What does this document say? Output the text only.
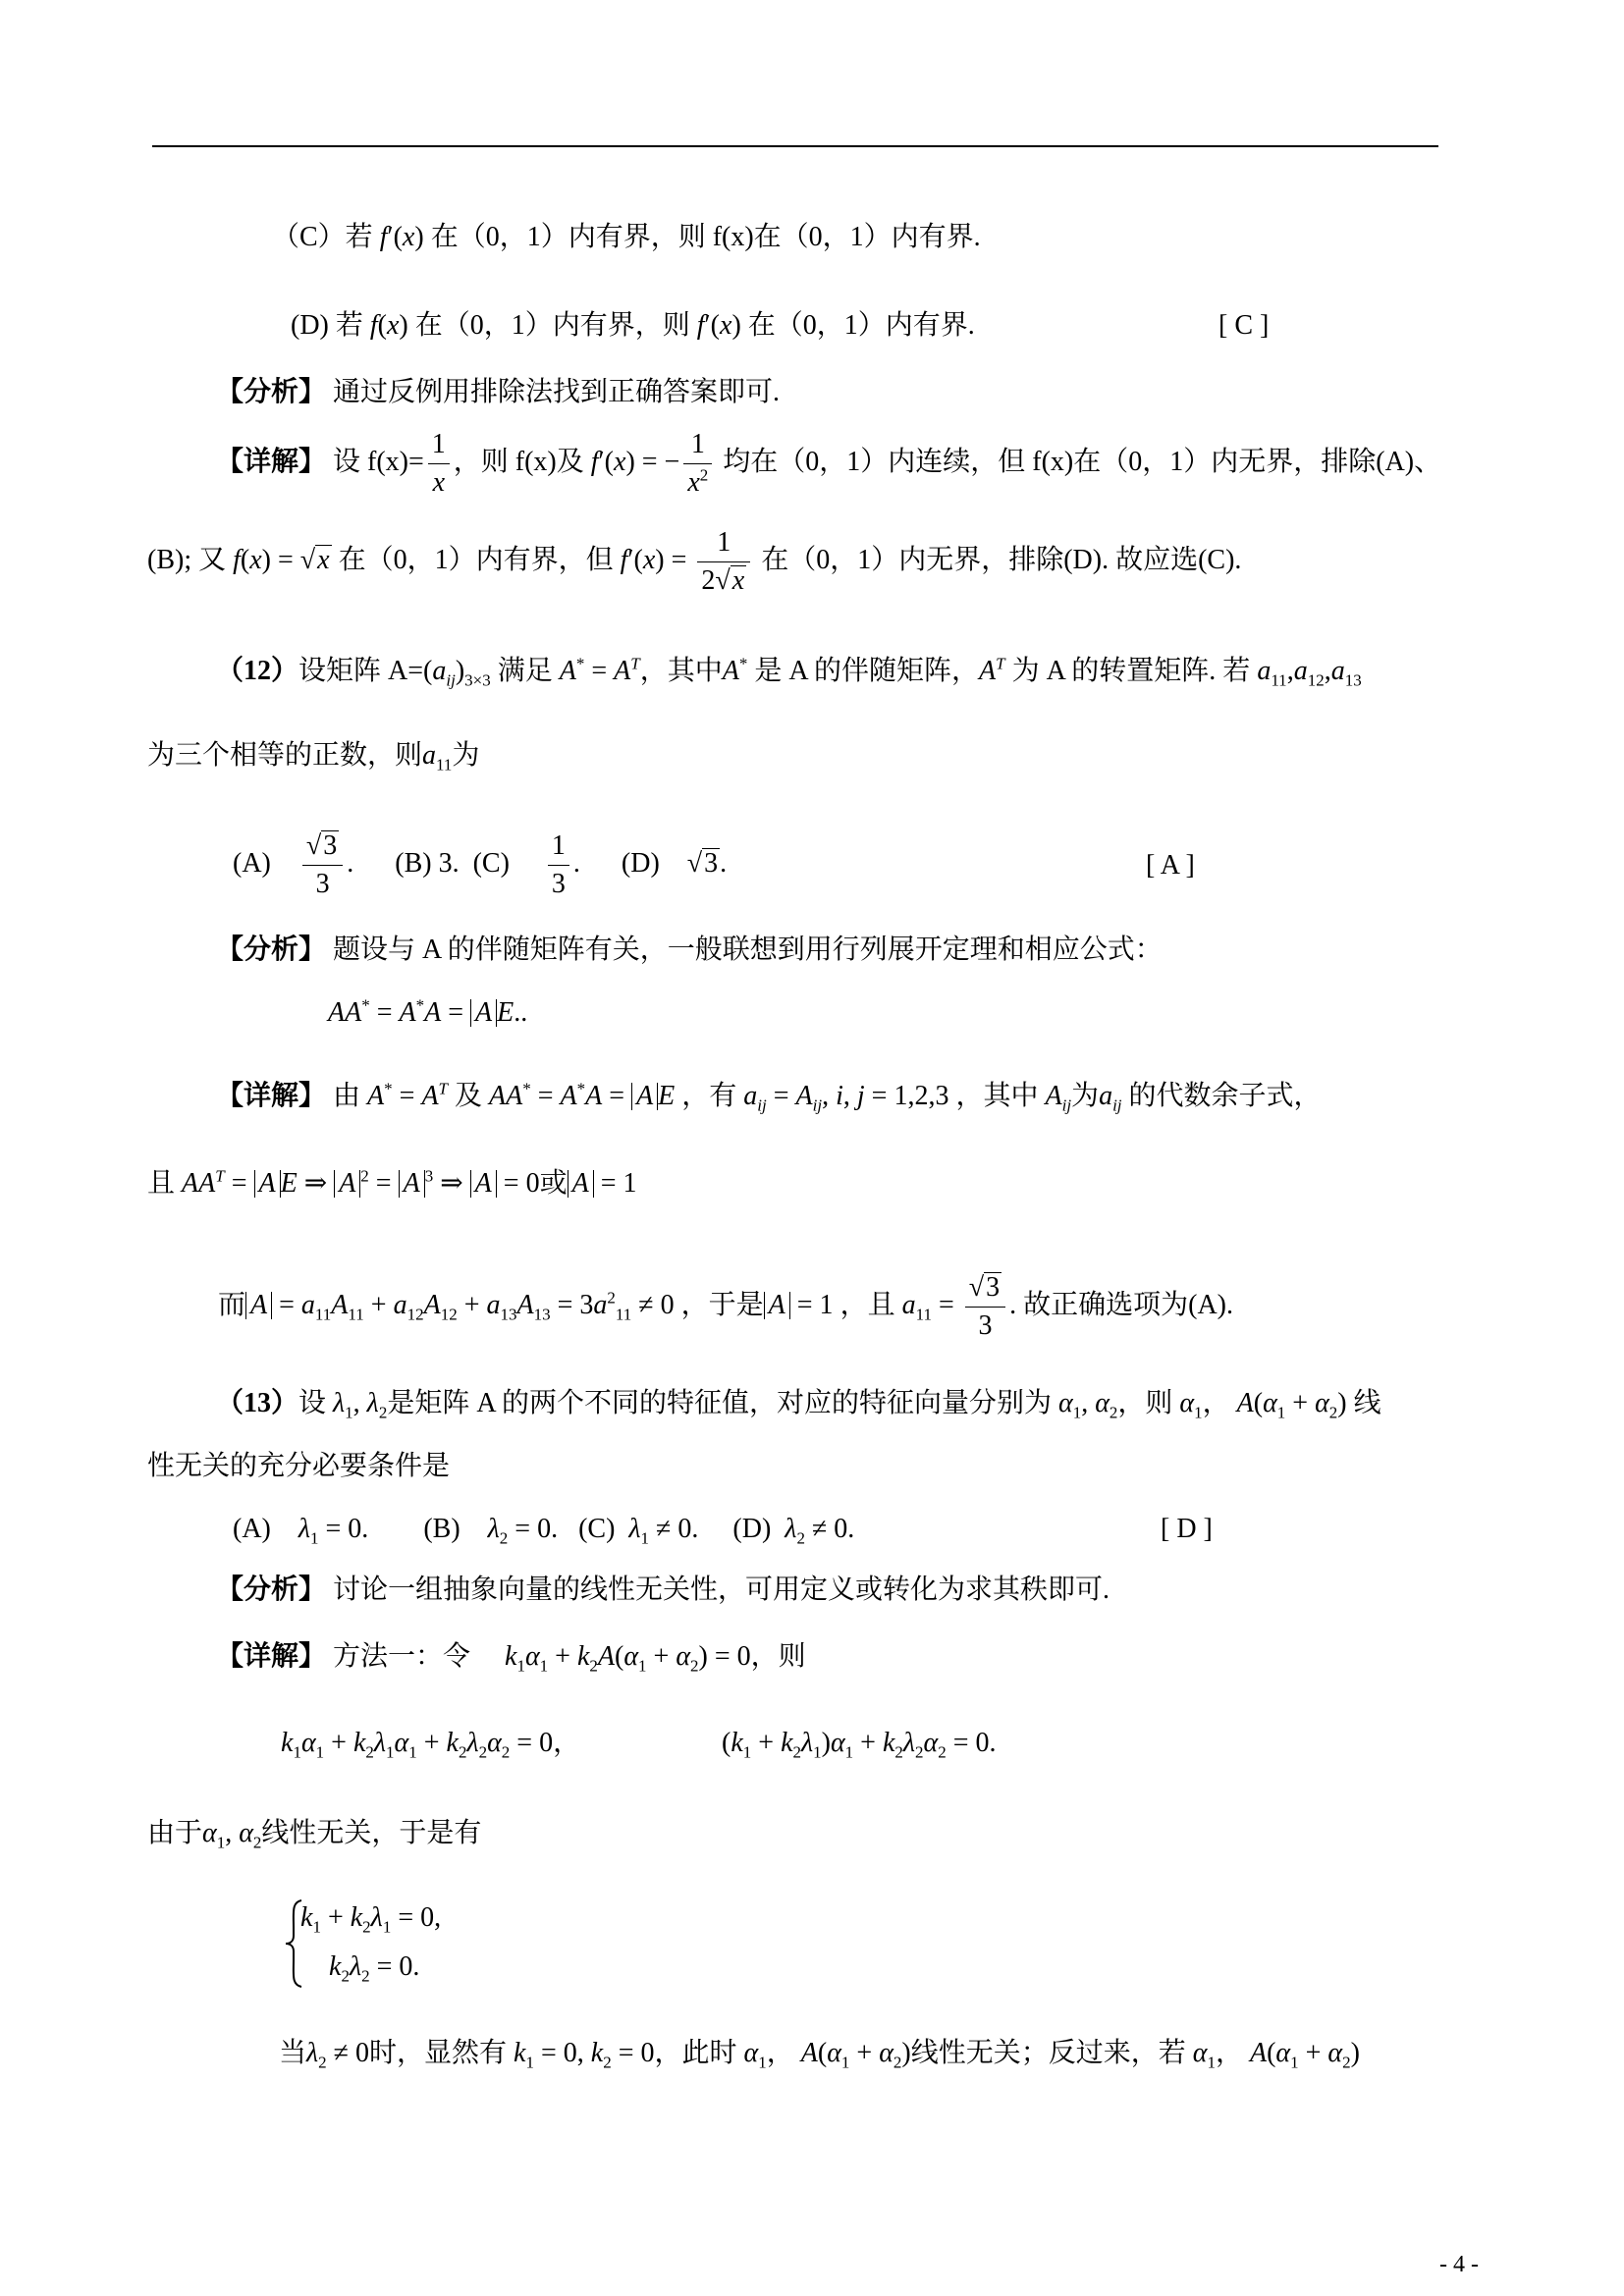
（C）若 f′(x) 在（0，1）内有界，则 f(x)在（0，1）内有界.
(D) 若 f(x) 在（0，1）内有界，则 f′(x) 在（0，1）内有界.	[ C ]
【分析】 通过反例用排除法找到正确答案即可.
【详解】 设 $f(x)= \frac{1}{x}$ ，则 f(x)及 f′(x) = − $\frac{1}{x^2}$ 均在（0，1）内连续，但 f(x)在（0，1）内无界，排除(A)、
(B); 又 f(x) = √x 在（0，1）内有界，但 $f'(x) = \frac{1}{2√x}$ 在（0，1）内无界，排除(D). 故应选(C).
（12）设矩阵 $A=(a_{ij})_{3\times 3}$ 满足 $A^* = A^T$，其中A* 是 A 的伴随矩阵，$A^T$ 为 A 的转置矩阵. 若 $a_{11},a_{12},a_{13}$
为三个相等的正数，则$a_{11}$为
$(A) \frac{√3}{3}$ .      (B) 3. $(C) \frac{1}{3}$ .      (D)    √3.	[ A ]
【分析】 题设与 A 的伴随矩阵有关，一般联想到用行列展开定理和相应公式：
AA* = A*A = A E..
【详解】 由 $A^* = A^T$ 及 AA* = A*A = A E ，有 $a_{ij} = A_{ij}$, i, j = 1,2,3 ，其中 $A_{ij}$为$a_{ij}$ 的代数余子式，
且 $AA^T = A$ E ⇒ A $^2$ = A $^3$ ⇒ A = 0或 A = 1
而 $A = a_{11}A_{11} + a_{12}A_{12} + a_{13}A_{13} = 3a^2_{11} \ne 0$ ，于是 A = 1 ，且 $a_{11} = \frac{√3}{3}$ . 故正确选项为(A).
（13）设 $\lambda_1$, $\lambda_2$是矩阵 A 的两个不同的特征值，对应的特征向量分别为 $\alpha_1$, $\alpha_2$，则 $\alpha_1$， $A(\alpha_1 + \alpha_2)$ 线
性无关的充分必要条件是
(A) $\lambda_1 = 0$.        (B) $\lambda_2 = 0$.   (C) $\lambda_1 \ne 0$.     (D) $\lambda_2 \ne 0$.	[ D ]
【分析】 讨论一组抽象向量的线性无关性，可用定义或转化为求其秩即可.
【详解】 方法一：令 $k_1\alpha_1 + k_2A(\alpha_1 + \alpha_2) = 0$，则
$k_1\alpha_1 + k_2\lambda_1\alpha_1 + k_2\lambda_2\alpha_2 = 0$，	$(k_1 + k_2\lambda_1)\alpha_1 + k_2\lambda_2\alpha_2 = 0$.
由于$\alpha_1$, $\alpha_2$线性无关，于是有
$k_1 + k_2\lambda_1 = 0$,
$k_2\lambda_2 = 0$.
当$\lambda_2 \ne 0$时，显然有 $k_1 = 0$, $k_2 = 0$，此时 $\alpha_1$， $A(\alpha_1 + \alpha_2)$线性无关；反过来，若 $\alpha_1$， $A(\alpha_1 + \alpha_2)$
- 4 -
